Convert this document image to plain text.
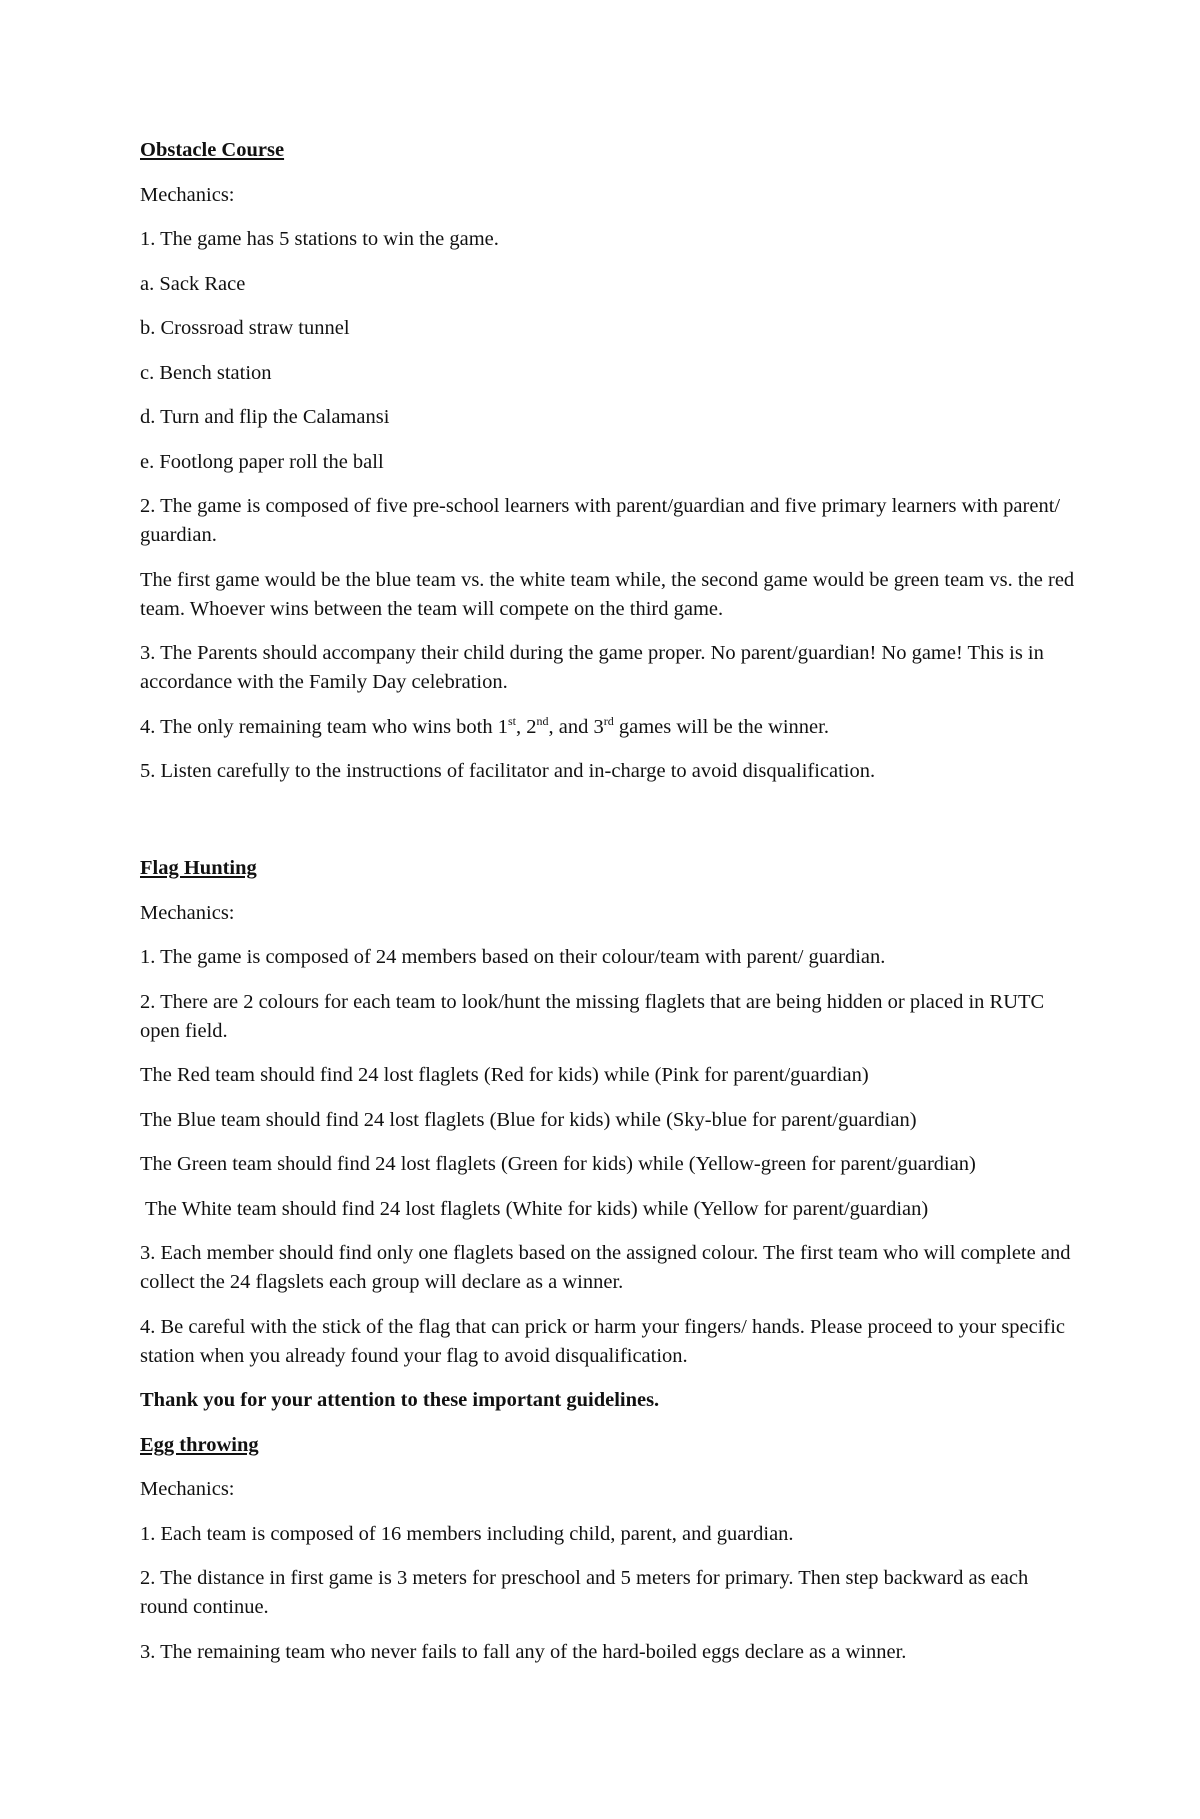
Obstacle Course

Mechanics:

1. The game has 5 stations to win the game.

a. Sack Race

b. Crossroad straw tunnel

c. Bench station

d. Turn and flip the Calamansi

e. Footlong paper roll the ball

2. The game is composed of five pre-school learners with parent/guardian and five primary learners with parent/ guardian.

The first game would be the blue team vs. the white team while, the second game would be green team vs. the red team. Whoever wins between the team will compete on the third game.

3. The Parents should accompany their child during the game proper. No parent/guardian! No game! This is in accordance with the Family Day celebration.

4. The only remaining team who wins both 1st, 2nd, and 3rd games will be the winner.

5. Listen carefully to the instructions of facilitator and in-charge to avoid disqualification.

Flag Hunting

Mechanics:

1. The game is composed of 24 members based on their colour/team with parent/ guardian.

2. There are 2 colours for each team to look/hunt the missing flaglets that are being hidden or placed in RUTC open field.

The Red team should find 24 lost flaglets (Red for kids) while (Pink for parent/guardian)

The Blue team should find 24 lost flaglets (Blue for kids) while (Sky-blue for parent/guardian)

The Green team should find 24 lost flaglets (Green for kids) while (Yellow-green for parent/guardian)

The White team should find 24 lost flaglets (White for kids) while (Yellow for parent/guardian)

3. Each member should find only one flaglets based on the assigned colour. The first team who will complete and collect the 24 flagslets each group will declare as a winner.

4. Be careful with the stick of the flag that can prick or harm your fingers/ hands. Please proceed to your specific station when you already found your flag to avoid disqualification.

Thank you for your attention to these important guidelines.

Egg throwing

Mechanics:

1. Each team is composed of 16 members including child, parent, and guardian.

2. The distance in first game is 3 meters for preschool and 5 meters for primary. Then step backward as each round continue.

3. The remaining team who never fails to fall any of the hard-boiled eggs declare as a winner.
